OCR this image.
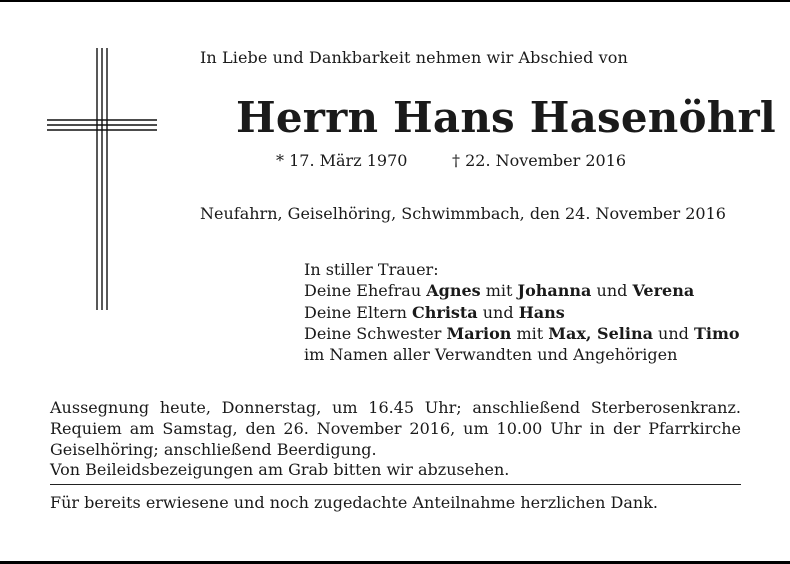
In Liebe und Dankbarkeit nehmen wir Abschied von
Herrn Hans Hasenöhrl
* 17. März 1970	† 22. November 2016
Neufahrn, Geiselhöring, Schwimmbach, den 24. November 2016
In stiller Trauer:
Deine Ehefrau Agnes mit Johanna und Verena
Deine Eltern Christa und Hans
Deine Schwester Marion mit Max, Selina und Timo
im Namen aller Verwandten und Angehörigen
Aussegnung heute, Donnerstag, um 16.45 Uhr; anschließend Sterberosenkranz. Requiem am Samstag, den 26. November 2016, um 10.00 Uhr in der Pfarrkirche Geiselhöring; anschließend Beerdigung.
Von Beileidsbezeigungen am Grab bitten wir abzusehen.
Für bereits erwiesene und noch zugedachte Anteilnahme herzlichen Dank.
